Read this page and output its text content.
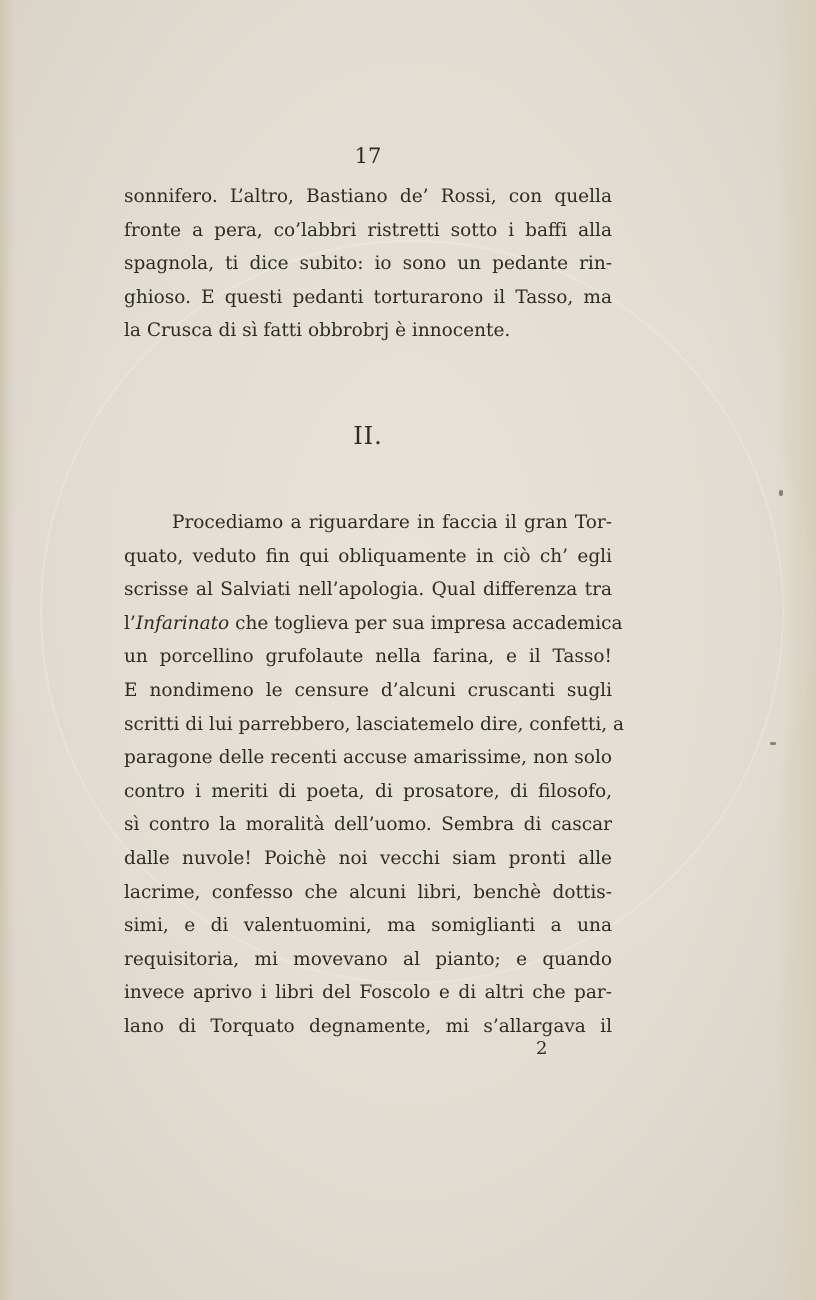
17
sonnifero. L’altro, Bastiano de’ Rossi, con quella
fronte a pera, co’labbri ristretti sotto i baffi alla
spagnola, ti dice subito: io sono un pedante rin-
ghioso. E questi pedanti torturarono il Tasso, ma
la Crusca di sì fatti obbrobrj è innocente.
II.
Procediamo a riguardare in faccia il gran Tor-
quato, veduto fin qui obliquamente in ciò ch’ egli
scrisse al Salviati nell’apologia. Qual differenza tra
l’Infarinato che toglieva per sua impresa accademica
un porcellino grufolaute nella farina, e il Tasso!
E nondimeno le censure d’alcuni cruscanti sugli
scritti di lui parrebbero, lasciatemelo dire, confetti, a
paragone delle recenti accuse amarissime, non solo
contro i meriti di poeta, di prosatore, di filosofo,
sì contro la moralità dell’uomo. Sembra di cascar
dalle nuvole! Poichè noi vecchi siam pronti alle
lacrime, confesso che alcuni libri, benchè dottis-
simi, e di valentuomini, ma somiglianti a una
requisitoria, mi movevano al pianto; e quando
invece aprivo i libri del Foscolo e di altri che par-
lano di Torquato degnamente, mi s’allargava il
2
